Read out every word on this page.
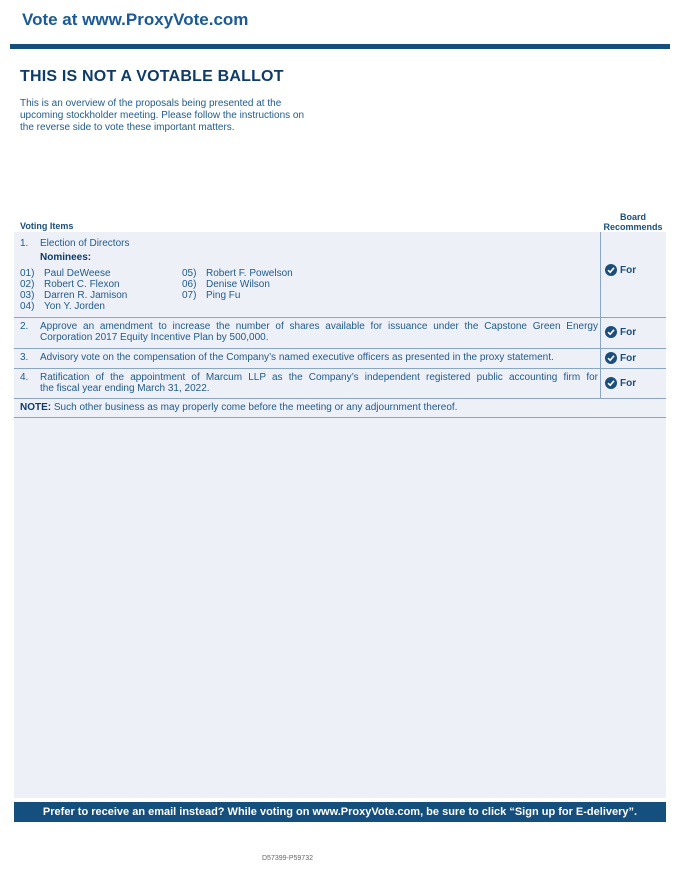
Vote at www.ProxyVote.com
THIS IS NOT A VOTABLE BALLOT
This is an overview of the proposals being presented at the
upcoming stockholder meeting. Please follow the instructions on
the reverse side to vote these important matters.
Voting Items
Board
Recommends
1. Election of Directors
Nominees:
01) Paul DeWeese
02) Robert C. Flexon
03) Darren R. Jamison
04) Yon Y. Jorden
05) Robert F. Powelson
06) Denise Wilson
07) Ping Fu
For
2. Approve an amendment to increase the number of shares available for issuance under the Capstone Green Energy
Corporation 2017 Equity Incentive Plan by 500,000.	For
3. Advisory vote on the compensation of the Company’s named executive officers as presented in the proxy statement.	For
4. Ratification of the appointment of Marcum LLP as the Company’s independent registered public accounting firm for
the fiscal year ending March 31, 2022.	For
NOTE: Such other business as may properly come before the meeting or any adjournment thereof.
Prefer to receive an email instead? While voting on www.ProxyVote.com, be sure to click “Sign up for E-delivery”.
D57399-P59732
